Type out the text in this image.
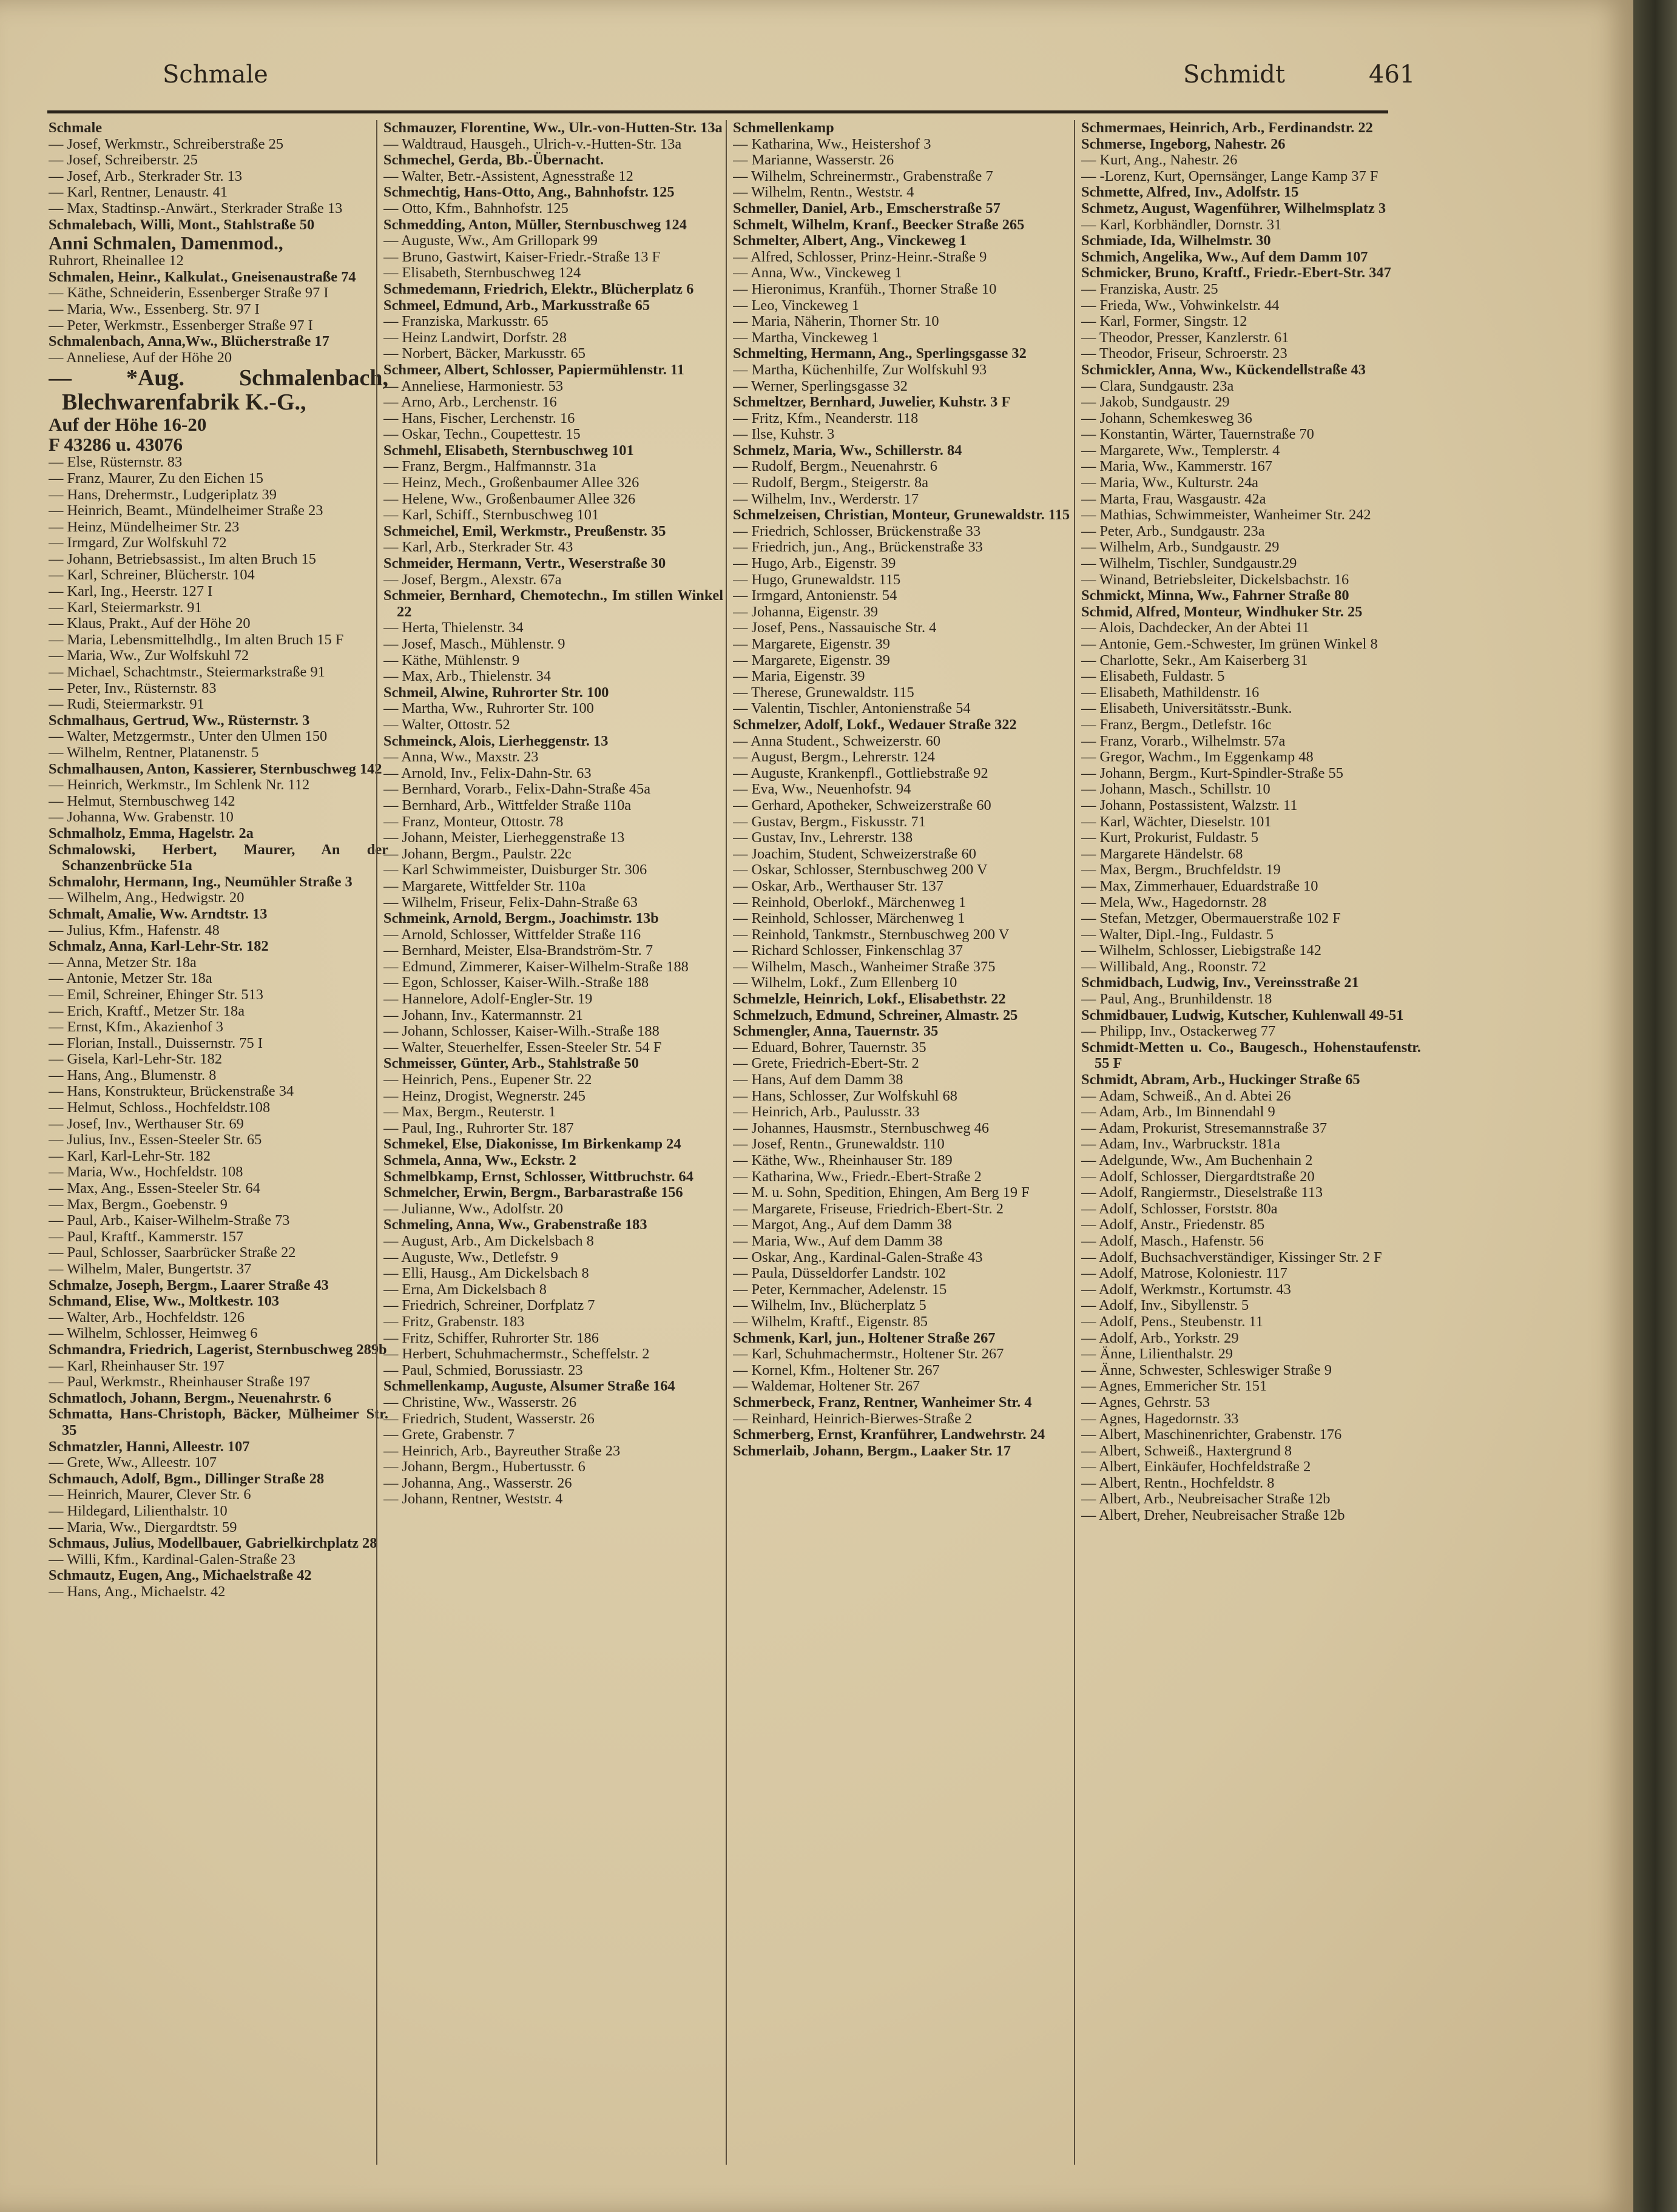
Schmale	Schmidt	461

Schmale

— Josef, Werkmstr., Schreiberstraße 25

— Josef, Schreiberstr. 25

— Josef, Arb., Sterkrader Str. 13

— Karl, Rentner, Lenaustr. 41

— Max, Stadtinsp.-Anwärt., Sterkrader Straße 13

Schmalebach, Willi, Mont., Stahlstraße 50

Anni Schmalen, Damenmod.,

Ruhrort, Rheinallee 12

Schmalen, Heinr., Kalkulat., Gneisenaustraße 74

— Käthe, Schneiderin, Essenberger Straße 97 I

— Maria, Ww., Essenberg. Str. 97 I

— Peter, Werkmstr., Essenberger Straße 97 I

Schmalenbach, Anna,Ww., Blücherstraße 17

— Anneliese, Auf der Höhe 20

— *Aug. Schmalenbach, Blechwarenfabrik K.-G.,

Auf der Höhe 16-20

F 43286 u. 43076

— Else, Rüsternstr. 83

— Franz, Maurer, Zu den Eichen 15

— Hans, Drehermstr., Ludgeriplatz 39

— Heinrich, Beamt., Mündelheimer Straße 23

— Heinz, Mündelheimer Str. 23

— Irmgard, Zur Wolfskuhl 72

— Johann, Betriebsassist., Im alten Bruch 15

— Karl, Schreiner, Blücherstr. 104

— Karl, Ing., Heerstr. 127 I

— Karl, Steiermarkstr. 91

— Klaus, Prakt., Auf der Höhe 20

— Maria, Lebensmittelhdlg., Im alten Bruch 15 F

— Maria, Ww., Zur Wolfskuhl 72

— Michael, Schachtmstr., Steiermarkstraße 91

— Peter, Inv., Rüsternstr. 83

— Rudi, Steiermarkstr. 91

Schmalhaus, Gertrud, Ww., Rüsternstr. 3

— Walter, Metzgermstr., Unter den Ulmen 150

— Wilhelm, Rentner, Platanenstr. 5

Schmalhausen, Anton, Kassierer, Sternbuschweg 142

— Heinrich, Werkmstr., Im Schlenk Nr. 112

— Helmut, Sternbuschweg 142

— Johanna, Ww. Grabenstr. 10

Schmalholz, Emma, Hagelstr. 2a

Schmalowski, Herbert, Maurer, An der Schanzenbrücke 51a

Schmalohr, Hermann, Ing., Neumühler Straße 3

— Wilhelm, Ang., Hedwigstr. 20

Schmalt, Amalie, Ww. Arndtstr. 13

— Julius, Kfm., Hafenstr. 48

Schmalz, Anna, Karl-Lehr-Str. 182

— Anna, Metzer Str. 18a

— Antonie, Metzer Str. 18a

— Emil, Schreiner, Ehinger Str. 513

— Erich, Kraftf., Metzer Str. 18a

— Ernst, Kfm., Akazienhof 3

— Florian, Install., Duissernstr. 75 I

— Gisela, Karl-Lehr-Str. 182

— Hans, Ang., Blumenstr. 8

— Hans, Konstrukteur, Brückenstraße 34

— Helmut, Schloss., Hochfeldstr.108

— Josef, Inv., Werthauser Str. 69

— Julius, Inv., Essen-Steeler Str. 65

— Karl, Karl-Lehr-Str. 182

— Maria, Ww., Hochfeldstr. 108

— Max, Ang., Essen-Steeler Str. 64

— Max, Bergm., Goebenstr. 9

— Paul, Arb., Kaiser-Wilhelm-Straße 73

— Paul, Kraftf., Kammerstr. 157

— Paul, Schlosser, Saarbrücker Straße 22

— Wilhelm, Maler, Bungertstr. 37

Schmalze, Joseph, Bergm., Laarer Straße 43

Schmand, Elise, Ww., Moltkestr. 103

— Walter, Arb., Hochfeldstr. 126

— Wilhelm, Schlosser, Heimweg 6

Schmandra, Friedrich, Lagerist, Sternbuschweg 289b

— Karl, Rheinhauser Str. 197

— Paul, Werkmstr., Rheinhauser Straße 197

Schmatloch, Johann, Bergm., Neuenahrstr. 6

Schmatta, Hans-Christoph, Bäcker, Mülheimer Str. 35

Schmatzler, Hanni, Alleestr. 107

— Grete, Ww., Alleestr. 107

Schmauch, Adolf, Bgm., Dillinger Straße 28

— Heinrich, Maurer, Clever Str. 6

— Hildegard, Lilienthalstr. 10

— Maria, Ww., Diergardtstr. 59

Schmaus, Julius, Modellbauer, Gabrielkirchplatz 28

— Willi, Kfm., Kardinal-Galen-Straße 23

Schmautz, Eugen, Ang., Michaelstraße 42

— Hans, Ang., Michaelstr. 42

Schmauzer, Florentine, Ww., Ulr.-von-Hutten-Str. 13a

— Waldtraud, Hausgeh., Ulrich-v.-Hutten-Str. 13a

Schmechel, Gerda, Bb.-Übernacht.

— Walter, Betr.-Assistent, Agnesstraße 12

Schmechtig, Hans-Otto, Ang., Bahnhofstr. 125

— Otto, Kfm., Bahnhofstr. 125

Schmedding, Anton, Müller, Sternbuschweg 124

— Auguste, Ww., Am Grillopark 99

— Bruno, Gastwirt, Kaiser-Friedr.-Straße 13 F

— Elisabeth, Sternbuschweg 124

Schmedemann, Friedrich, Elektr., Blücherplatz 6

Schmeel, Edmund, Arb., Markusstraße 65

— Franziska, Markusstr. 65

— Heinz Landwirt, Dorfstr. 28

— Norbert, Bäcker, Markusstr. 65

Schmeer, Albert, Schlosser, Papiermühlenstr. 11

— Anneliese, Harmoniestr. 53

— Arno, Arb., Lerchenstr. 16

— Hans, Fischer, Lerchenstr. 16

— Oskar, Techn., Coupettestr. 15

Schmehl, Elisabeth, Sternbuschweg 101

— Franz, Bergm., Halfmannstr. 31a

— Heinz, Mech., Großenbaumer Allee 326

— Helene, Ww., Großenbaumer Allee 326

— Karl, Schiff., Sternbuschweg 101

Schmeichel, Emil, Werkmstr., Preußenstr. 35

— Karl, Arb., Sterkrader Str. 43

Schmeider, Hermann, Vertr., Weserstraße 30

— Josef, Bergm., Alexstr. 67a

Schmeier, Bernhard, Chemotechn., Im stillen Winkel 22

— Herta, Thielenstr. 34

— Josef, Masch., Mühlenstr. 9

— Käthe, Mühlenstr. 9

— Max, Arb., Thielenstr. 34

Schmeil, Alwine, Ruhrorter Str. 100

— Martha, Ww., Ruhrorter Str. 100

— Walter, Ottostr. 52

Schmeinck, Alois, Lierheggenstr. 13

— Anna, Ww., Maxstr. 23

— Arnold, Inv., Felix-Dahn-Str. 63

— Bernhard, Vorarb., Felix-Dahn-Straße 45a

— Bernhard, Arb., Wittfelder Straße 110a

— Franz, Monteur, Ottostr. 78

— Johann, Meister, Lierheggenstraße 13

— Johann, Bergm., Paulstr. 22c

— Karl Schwimmeister, Duisburger Str. 306

— Margarete, Wittfelder Str. 110a

— Wilhelm, Friseur, Felix-Dahn-Straße 63

Schmeink, Arnold, Bergm., Joachimstr. 13b

— Arnold, Schlosser, Wittfelder Straße 116

— Bernhard, Meister, Elsa-Brandström-Str. 7

— Edmund, Zimmerer, Kaiser-Wilhelm-Straße 188

— Egon, Schlosser, Kaiser-Wilh.-Straße 188

— Hannelore, Adolf-Engler-Str. 19

— Johann, Inv., Katermannstr. 21

— Johann, Schlosser, Kaiser-Wilh.-Straße 188

— Walter, Steuerhelfer, Essen-Steeler Str. 54 F

Schmeisser, Günter, Arb., Stahlstraße 50

— Heinrich, Pens., Eupener Str. 22

— Heinz, Drogist, Wegnerstr. 245

— Max, Bergm., Reuterstr. 1

— Paul, Ing., Ruhrorter Str. 187

Schmekel, Else, Diakonisse, Im Birkenkamp 24

Schmela, Anna, Ww., Eckstr. 2

Schmelbkamp, Ernst, Schlosser, Wittbruchstr. 64

Schmelcher, Erwin, Bergm., Barbarastraße 156

— Julianne, Ww., Adolfstr. 20

Schmeling, Anna, Ww., Grabenstraße 183

— August, Arb., Am Dickelsbach 8

— Auguste, Ww., Detlefstr. 9

— Elli, Hausg., Am Dickelsbach 8

— Erna, Am Dickelsbach 8

— Friedrich, Schreiner, Dorfplatz 7

— Fritz, Grabenstr. 183

— Fritz, Schiffer, Ruhrorter Str. 186

— Herbert, Schuhmachermstr., Scheffelstr. 2

— Paul, Schmied, Borussiastr. 23

Schmellenkamp, Auguste, Alsumer Straße 164

— Christine, Ww., Wasserstr. 26

— Friedrich, Student, Wasserstr. 26

— Grete, Grabenstr. 7

— Heinrich, Arb., Bayreuther Straße 23

— Johann, Bergm., Hubertusstr. 6

— Johanna, Ang., Wasserstr. 26

— Johann, Rentner, Weststr. 4

Schmellenkamp

— Katharina, Ww., Heistershof 3

— Marianne, Wasserstr. 26

— Wilhelm, Schreinermstr., Grabenstraße 7

— Wilhelm, Rentn., Weststr. 4

Schmeller, Daniel, Arb., Emscherstraße 57

Schmelt, Wilhelm, Kranf., Beecker Straße 265

Schmelter, Albert, Ang., Vinckeweg 1

— Alfred, Schlosser, Prinz-Heinr.-Straße 9

— Anna, Ww., Vinckeweg 1

— Hieronimus, Kranfüh., Thorner Straße 10

— Leo, Vinckeweg 1

— Maria, Näherin, Thorner Str. 10

— Martha, Vinckeweg 1

Schmelting, Hermann, Ang., Sperlingsgasse 32

— Martha, Küchenhilfe, Zur Wolfskuhl 93

— Werner, Sperlingsgasse 32

Schmeltzer, Bernhard, Juwelier, Kuhstr. 3 F

— Fritz, Kfm., Neanderstr. 118

— Ilse, Kuhstr. 3

Schmelz, Maria, Ww., Schillerstr. 84

— Rudolf, Bergm., Neuenahrstr. 6

— Rudolf, Bergm., Steigerstr. 8a

— Wilhelm, Inv., Werderstr. 17

Schmelzeisen, Christian, Monteur, Grunewaldstr. 115

— Friedrich, Schlosser, Brückenstraße 33

— Friedrich, jun., Ang., Brückenstraße 33

— Hugo, Arb., Eigenstr. 39

— Hugo, Grunewaldstr. 115

— Irmgard, Antonienstr. 54

— Johanna, Eigenstr. 39

— Josef, Pens., Nassauische Str. 4

— Margarete, Eigenstr. 39

— Margarete, Eigenstr. 39

— Maria, Eigenstr. 39

— Therese, Grunewaldstr. 115

— Valentin, Tischler, Antonienstraße 54

Schmelzer, Adolf, Lokf., Wedauer Straße 322

— Anna Student., Schweizerstr. 60

— August, Bergm., Lehrerstr. 124

— Auguste, Krankenpfl., Gottliebstraße 92

— Eva, Ww., Neuenhofstr. 94

— Gerhard, Apotheker, Schweizerstraße 60

— Gustav, Bergm., Fiskusstr. 71

— Gustav, Inv., Lehrerstr. 138

— Joachim, Student, Schweizerstraße 60

— Oskar, Schlosser, Sternbuschweg 200 V

— Oskar, Arb., Werthauser Str. 137

— Reinhold, Oberlokf., Märchenweg 1

— Reinhold, Schlosser, Märchenweg 1

— Reinhold, Tankmstr., Sternbuschweg 200 V

— Richard Schlosser, Finkenschlag 37

— Wilhelm, Masch., Wanheimer Straße 375

— Wilhelm, Lokf., Zum Ellenberg 10

Schmelzle, Heinrich, Lokf., Elisabethstr. 22

Schmelzuch, Edmund, Schreiner, Almastr. 25

Schmengler, Anna, Tauernstr. 35

— Eduard, Bohrer, Tauernstr. 35

— Grete, Friedrich-Ebert-Str. 2

— Hans, Auf dem Damm 38

— Hans, Schlosser, Zur Wolfskuhl 68

— Heinrich, Arb., Paulusstr. 33

— Johannes, Hausmstr., Sternbuschweg 46

— Josef, Rentn., Grunewaldstr. 110

— Käthe, Ww., Rheinhauser Str. 189

— Katharina, Ww., Friedr.-Ebert-Straße 2

— M. u. Sohn, Spedition, Ehingen, Am Berg 19 F

— Margarete, Friseuse, Friedrich-Ebert-Str. 2

— Margot, Ang., Auf dem Damm 38

— Maria, Ww., Auf dem Damm 38

— Oskar, Ang., Kardinal-Galen-Straße 43

— Paula, Düsseldorfer Landstr. 102

— Peter, Kernmacher, Adelenstr. 15

— Wilhelm, Inv., Blücherplatz 5

— Wilhelm, Kraftf., Eigenstr. 85

Schmenk, Karl, jun., Holtener Straße 267

— Karl, Schuhmachermstr., Holtener Str. 267

— Kornel, Kfm., Holtener Str. 267

— Waldemar, Holtener Str. 267

Schmerbeck, Franz, Rentner, Wanheimer Str. 4

— Reinhard, Heinrich-Bierwes-Straße 2

Schmerberg, Ernst, Kranführer, Landwehrstr. 24

Schmerlaib, Johann, Bergm., Laaker Str. 17

Schmermaes, Heinrich, Arb., Ferdinandstr. 22

Schmerse, Ingeborg, Nahestr. 26

— Kurt, Ang., Nahestr. 26

— -Lorenz, Kurt, Opernsänger, Lange Kamp 37 F

Schmette, Alfred, Inv., Adolfstr. 15

Schmetz, August, Wagenführer, Wilhelmsplatz 3

— Karl, Korbhändler, Dornstr. 31

Schmiade, Ida, Wilhelmstr. 30

Schmich, Angelika, Ww., Auf dem Damm 107

Schmicker, Bruno, Kraftf., Friedr.-Ebert-Str. 347

— Franziska, Austr. 25

— Frieda, Ww., Vohwinkelstr. 44

— Karl, Former, Singstr. 12

— Theodor, Presser, Kanzlerstr. 61

— Theodor, Friseur, Schroerstr. 23

Schmickler, Anna, Ww., Kückendellstraße 43

— Clara, Sundgaustr. 23a

— Jakob, Sundgaustr. 29

— Johann, Schemkesweg 36

— Konstantin, Wärter, Tauernstraße 70

— Margarete, Ww., Templerstr. 4

— Maria, Ww., Kammerstr. 167

— Maria, Ww., Kulturstr. 24a

— Marta, Frau, Wasgaustr. 42a

— Mathias, Schwimmeister, Wanheimer Str. 242

— Peter, Arb., Sundgaustr. 23a

— Wilhelm, Arb., Sundgaustr. 29

— Wilhelm, Tischler, Sundgaustr.29

— Winand, Betriebsleiter, Dickelsbachstr. 16

Schmickt, Minna, Ww., Fahrner Straße 80

Schmid, Alfred, Monteur, Windhuker Str. 25

— Alois, Dachdecker, An der Abtei 11

— Antonie, Gem.-Schwester, Im grünen Winkel 8

— Charlotte, Sekr., Am Kaiserberg 31

— Elisabeth, Fuldastr. 5

— Elisabeth, Mathildenstr. 16

— Elisabeth, Universitätsstr.-Bunk.

— Franz, Bergm., Detlefstr. 16c

— Franz, Vorarb., Wilhelmstr. 57a

— Gregor, Wachm., Im Eggenkamp 48

— Johann, Bergm., Kurt-Spindler-Straße 55

— Johann, Masch., Schillstr. 10

— Johann, Postassistent, Walzstr. 11

— Karl, Wächter, Dieselstr. 101

— Kurt, Prokurist, Fuldastr. 5

— Margarete Händelstr. 68

— Max, Bergm., Bruchfeldstr. 19

— Max, Zimmerhauer, Eduardstraße 10

— Mela, Ww., Hagedornstr. 28

— Stefan, Metzger, Obermauerstraße 102 F

— Walter, Dipl.-Ing., Fuldastr. 5

— Wilhelm, Schlosser, Liebigstraße 142

— Willibald, Ang., Roonstr. 72

Schmidbach, Ludwig, Inv., Vereinsstraße 21

— Paul, Ang., Brunhildenstr. 18

Schmidbauer, Ludwig, Kutscher, Kuhlenwall 49-51

— Philipp, Inv., Ostackerweg 77

Schmidt-Metten u. Co., Baugesch., Hohenstaufenstr. 55 F

Schmidt, Abram, Arb., Huckinger Straße 65

— Adam, Schweiß., An d. Abtei 26

— Adam, Arb., Im Binnendahl 9

— Adam, Prokurist, Stresemannstraße 37

— Adam, Inv., Warbruckstr. 181a

— Adelgunde, Ww., Am Buchenhain 2

— Adolf, Schlosser, Diergardtstraße 20

— Adolf, Rangiermstr., Dieselstraße 113

— Adolf, Schlosser, Forststr. 80a

— Adolf, Anstr., Friedenstr. 85

— Adolf, Masch., Hafenstr. 56

— Adolf, Buchsachverständiger, Kissinger Str. 2 F

— Adolf, Matrose, Koloniestr. 117

— Adolf, Werkmstr., Kortumstr. 43

— Adolf, Inv., Sibyllenstr. 5

— Adolf, Pens., Steubenstr. 11

— Adolf, Arb., Yorkstr. 29

— Änne, Lilienthalstr. 29

— Änne, Schwester, Schleswiger Straße 9

— Agnes, Emmericher Str. 151

— Agnes, Gehrstr. 53

— Agnes, Hagedornstr. 33

— Albert, Maschinenrichter, Grabenstr. 176

— Albert, Schweiß., Haxtergrund 8

— Albert, Einkäufer, Hochfeldstraße 2

— Albert, Rentn., Hochfeldstr. 8

— Albert, Arb., Neubreisacher Straße 12b

— Albert, Dreher, Neubreisacher Straße 12b
